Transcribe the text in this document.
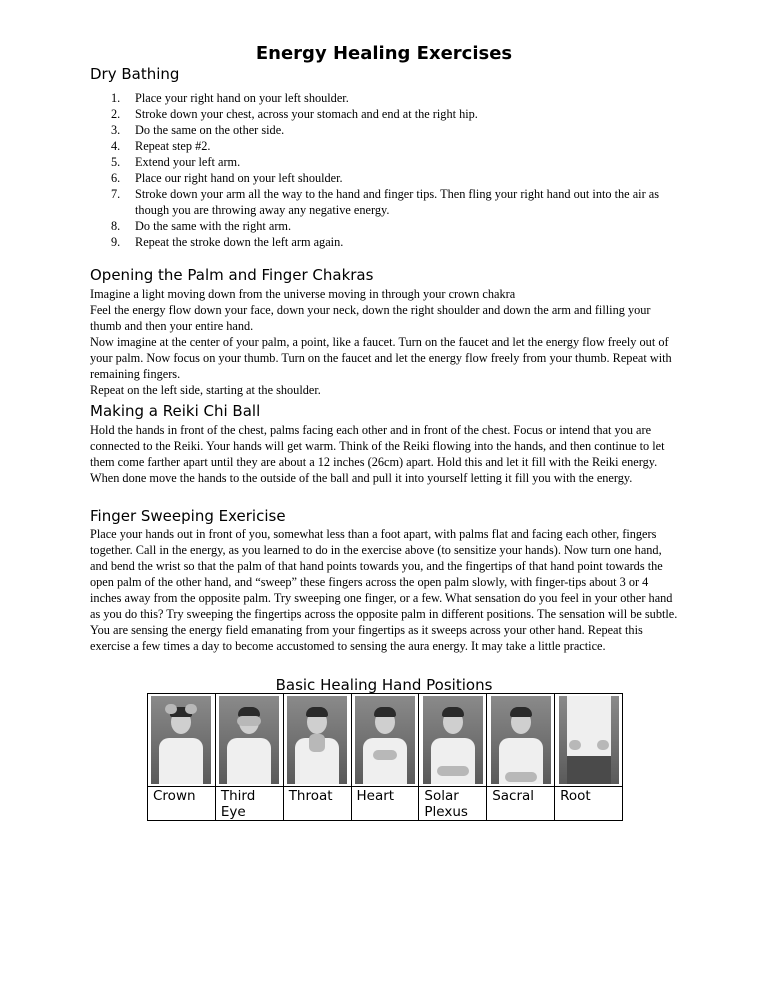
Energy Healing Exercises
Dry Bathing
1. Place your right hand on your left shoulder.
2. Stroke down your chest, across your stomach and end at the right hip.
3. Do the same on the other side.
4. Repeat step #2.
5. Extend your left arm.
6. Place our right hand on your left shoulder.
7. Stroke down your arm all the way to the hand and finger tips. Then fling your right hand out into the air as though you are throwing away any negative energy.
8. Do the same with the right arm.
9. Repeat the stroke down the left arm again.
Opening the Palm and Finger Chakras

Imagine a light moving down from the universe moving in through your crown chakra

Feel the energy flow down your face, down your neck, down the right shoulder and down the arm and filling your thumb and then your entire hand.

Now imagine at the center of your palm, a point, like a faucet. Turn on the faucet and let the energy flow freely out of your palm. Now focus on your thumb. Turn on the faucet and let the energy flow freely from your thumb. Repeat with remaining fingers.

Repeat on the left side, starting at the shoulder.

Making a Reiki Chi Ball

Hold the hands in front of the chest, palms facing each other and in front of the chest. Focus or intend that you are connected to the Reiki. Your hands will get warm. Think of the Reiki flowing into the hands, and then continue to let them come farther apart until they are about a 12 inches (26cm) apart. Hold this and let it fill with the Reiki energy. When done move the hands to the outside of the ball and pull it into yourself letting it fill you with the energy.

Finger Sweeping Exericise

Place your hands out in front of you, somewhat less than a foot apart, with palms flat and facing each other, fingers together. Call in the energy, as you learned to do in the exercise above (to sensitize your hands). Now turn one hand, and bend the wrist so that the palm of that hand points towards you, and the fingertips of that hand point towards the open palm of the other hand, and “sweep” these fingers across the open palm slowly, with finger-tips about 3 or 4 inches away from the opposite palm. Try sweeping one finger, or a few. What sensation do you feel in your other hand as you do this? Try sweeping the fingertips across the opposite palm in different positions. The sensation will be subtle. You are sensing the energy field emanating from your fingertips as it sweeps across your other hand. Repeat this exercise a few times a day to become accustomed to sensing the aura energy. It may take a little practice.

Basic Healing Hand Positions

Crown	Third Eye	Throat	Heart	Solar Plexus	Sacral	Root
